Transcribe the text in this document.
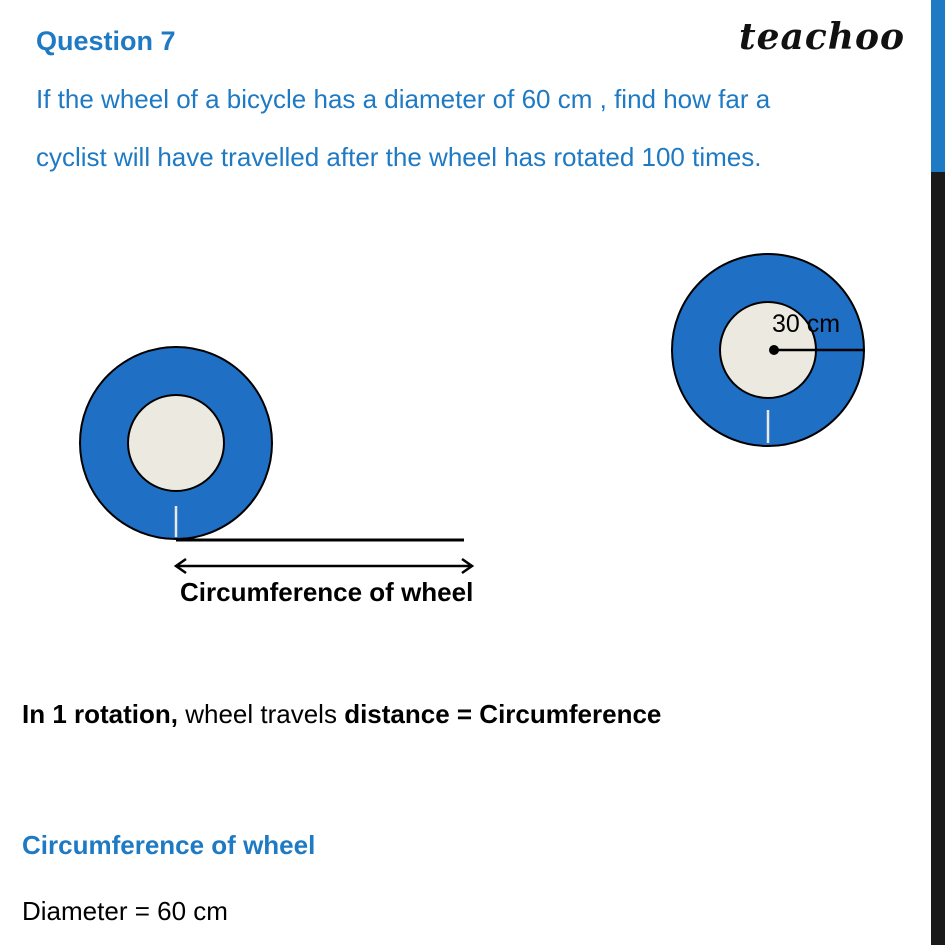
Question 7	teachoo
If the wheel of a bicycle has a diameter of 60 cm , find how far a
cyclist will have travelled after the wheel has rotated 100 times.
30 cm
Circumference of wheel
In 1 rotation, wheel travels distance = Circumference
Circumference of wheel
Diameter = 60 cm
